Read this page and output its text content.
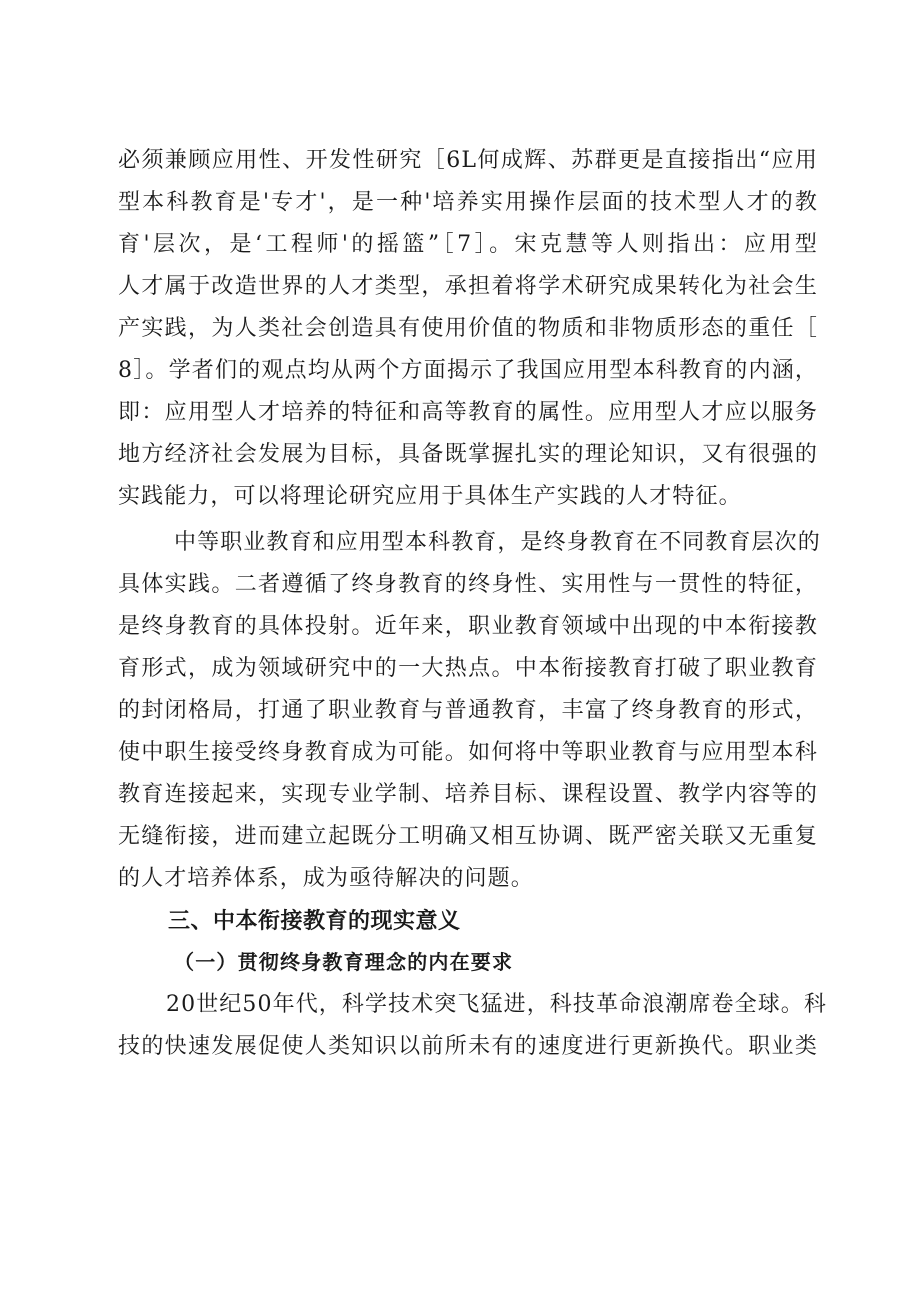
必须兼顾应用性、开发性研究［6L何成辉、苏群更是直接指出“应用
型本科教育是'专才'，是一种'培养实用操作层面的技术型人才的教
育'层次，是‘工程师'的摇篮”［7］。宋克慧等人则指出：应用型
人才属于改造世界的人才类型，承担着将学术研究成果转化为社会生
产实践，为人类社会创造具有使用价值的物质和非物质形态的重任［
8］。学者们的观点均从两个方面揭示了我国应用型本科教育的内涵，
即：应用型人才培养的特征和高等教育的属性。应用型人才应以服务
地方经济社会发展为目标，具备既掌握扎实的理论知识，又有很强的
实践能力，可以将理论研究应用于具体生产实践的人才特征。

中等职业教育和应用型本科教育，是终身教育在不同教育层次的
具体实践。二者遵循了终身教育的终身性、实用性与一贯性的特征，
是终身教育的具体投射。近年来，职业教育领域中出现的中本衔接教
育形式，成为领域研究中的一大热点。中本衔接教育打破了职业教育
的封闭格局，打通了职业教育与普通教育，丰富了终身教育的形式，
使中职生接受终身教育成为可能。如何将中等职业教育与应用型本科
教育连接起来，实现专业学制、培养目标、课程设置、教学内容等的
无缝衔接，进而建立起既分工明确又相互协调、既严密关联又无重复
的人才培养体系，成为亟待解决的问题。

三、中本衔接教育的现实意义
（一）贯彻终身教育理念的内在要求

20世纪50年代，科学技术突飞猛进，科技革命浪潮席卷全球。科
技的快速发展促使人类知识以前所未有的速度进行更新换代。职业类
